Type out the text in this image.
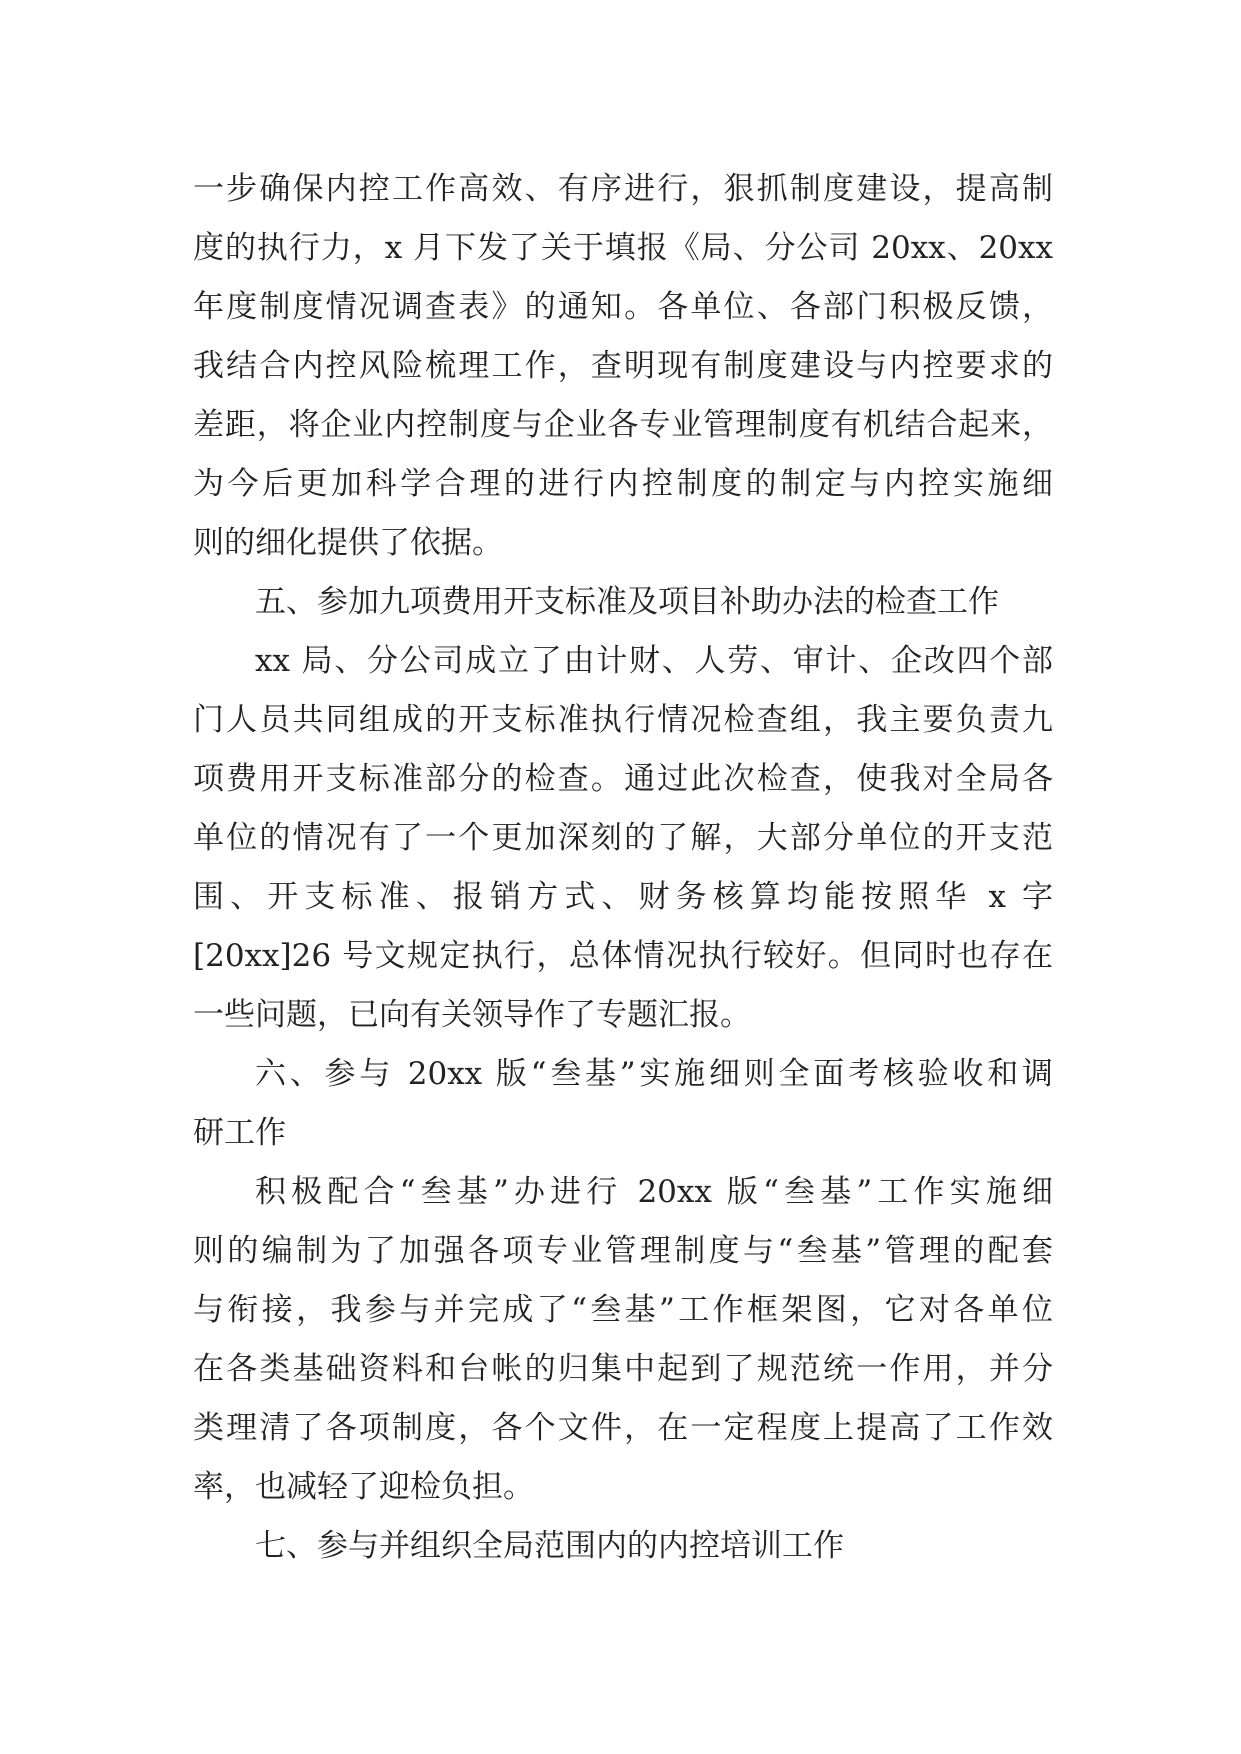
一步确保内控工作高效、有序进行，狠抓制度建设，提高制
度的执行力，x 月下发了关于填报《局、分公司 20xx、20xx
年度制度情况调查表》的通知。各单位、各部门积极反馈，
我结合内控风险梳理工作，查明现有制度建设与内控要求的
差距，将企业内控制度与企业各专业管理制度有机结合起来，
为今后更加科学合理的进行内控制度的制定与内控实施细
则的细化提供了依据。
五、参加九项费用开支标准及项目补助办法的检查工作
xx 局、分公司成立了由计财、人劳、审计、企改四个部
门人员共同组成的开支标准执行情况检查组，我主要负责九
项费用开支标准部分的检查。通过此次检查，使我对全局各
单位的情况有了一个更加深刻的了解，大部分单位的开支范
围、开支标准、报销方式、财务核算均能按照华 x 字
[20xx]26 号文规定执行，总体情况执行较好。但同时也存在
一些问题，已向有关领导作了专题汇报。
六、参与 20xx 版“叁基”实施细则全面考核验收和调
研工作
积极配合“叁基”办进行 20xx 版“叁基”工作实施细
则的编制为了加强各项专业管理制度与“叁基”管理的配套
与衔接，我参与并完成了“叁基”工作框架图，它对各单位
在各类基础资料和台帐的归集中起到了规范统一作用，并分
类理清了各项制度，各个文件，在一定程度上提高了工作效
率，也减轻了迎检负担。
七、参与并组织全局范围内的内控培训工作
